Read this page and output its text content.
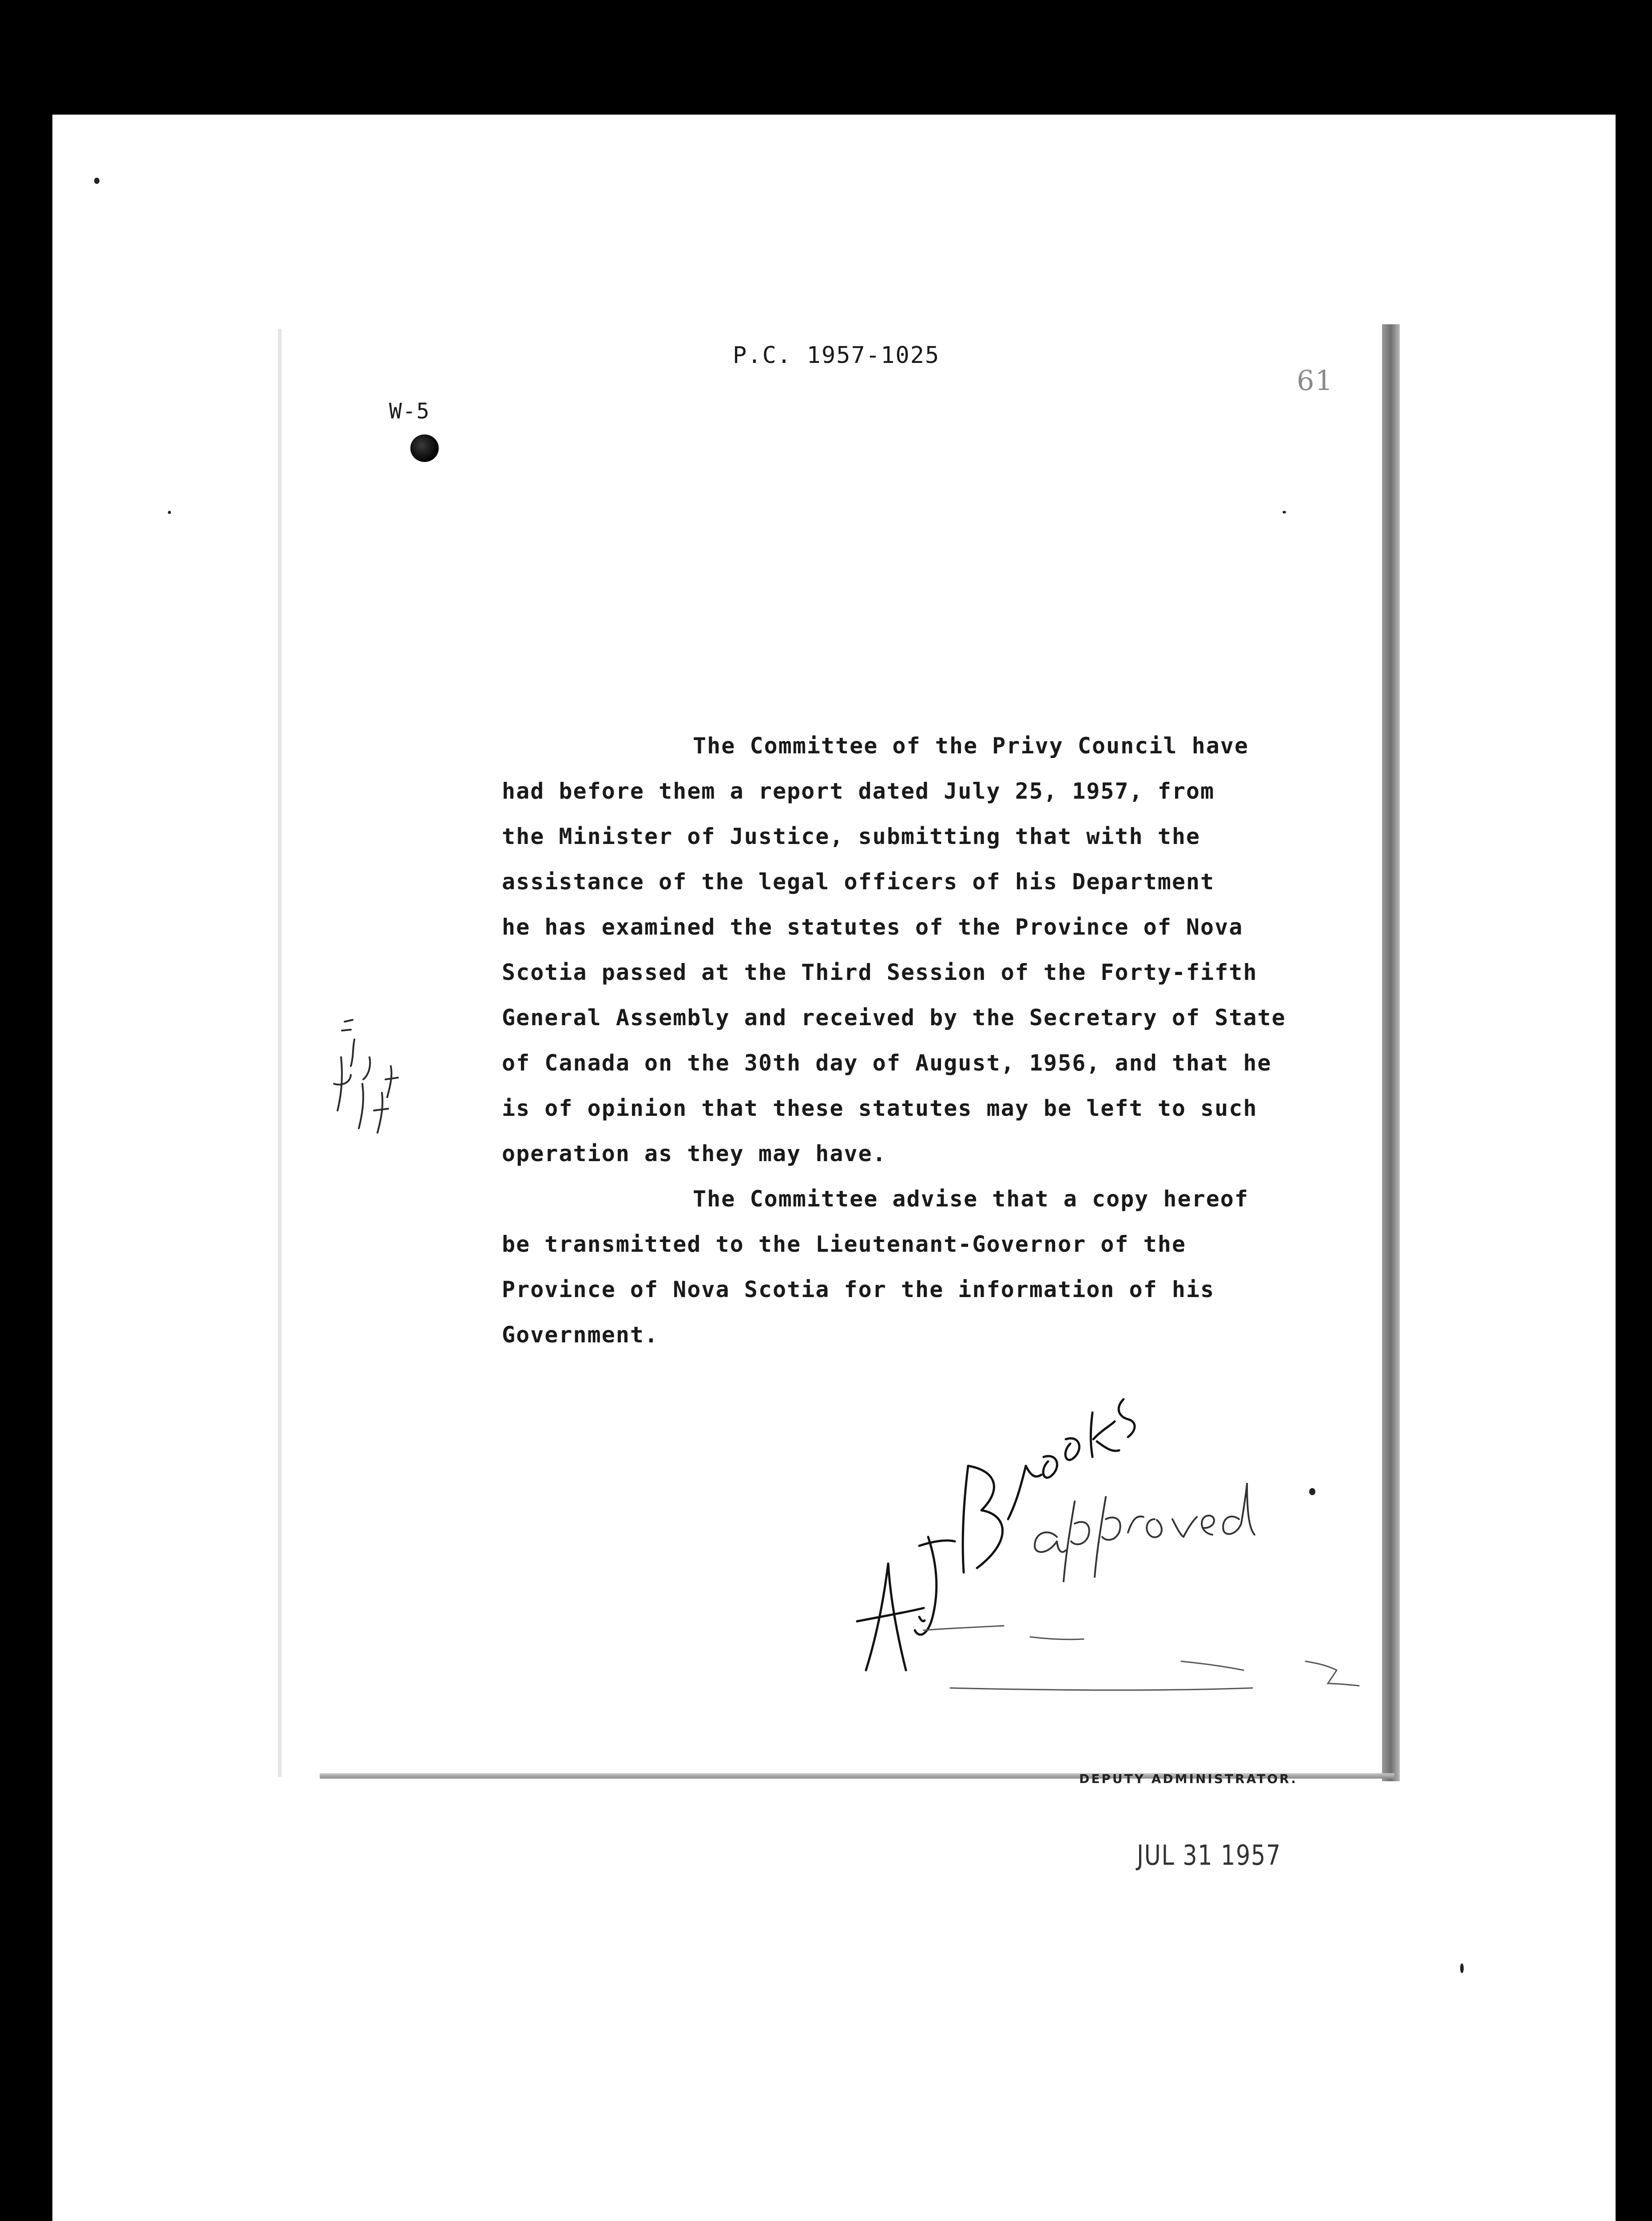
P.C. 1957-1025
W-5
61
The Committee of the Privy Council have
had before them a report dated July 25, 1957, from
the Minister of Justice, submitting that with the
assistance of the legal officers of his Department
he has examined the statutes of the Province of Nova
Scotia passed at the Third Session of the Forty-fifth
General Assembly and received by the Secretary of State
of Canada on the 30th day of August, 1956, and that he
is of opinion that these statutes may be left to such
operation as they may have.
The Committee advise that a copy hereof
be transmitted to the Lieutenant-Governor of the
Province of Nova Scotia for the information of his
Government.
DEPUTY ADMINISTRATOR.
JUL 31 1957
